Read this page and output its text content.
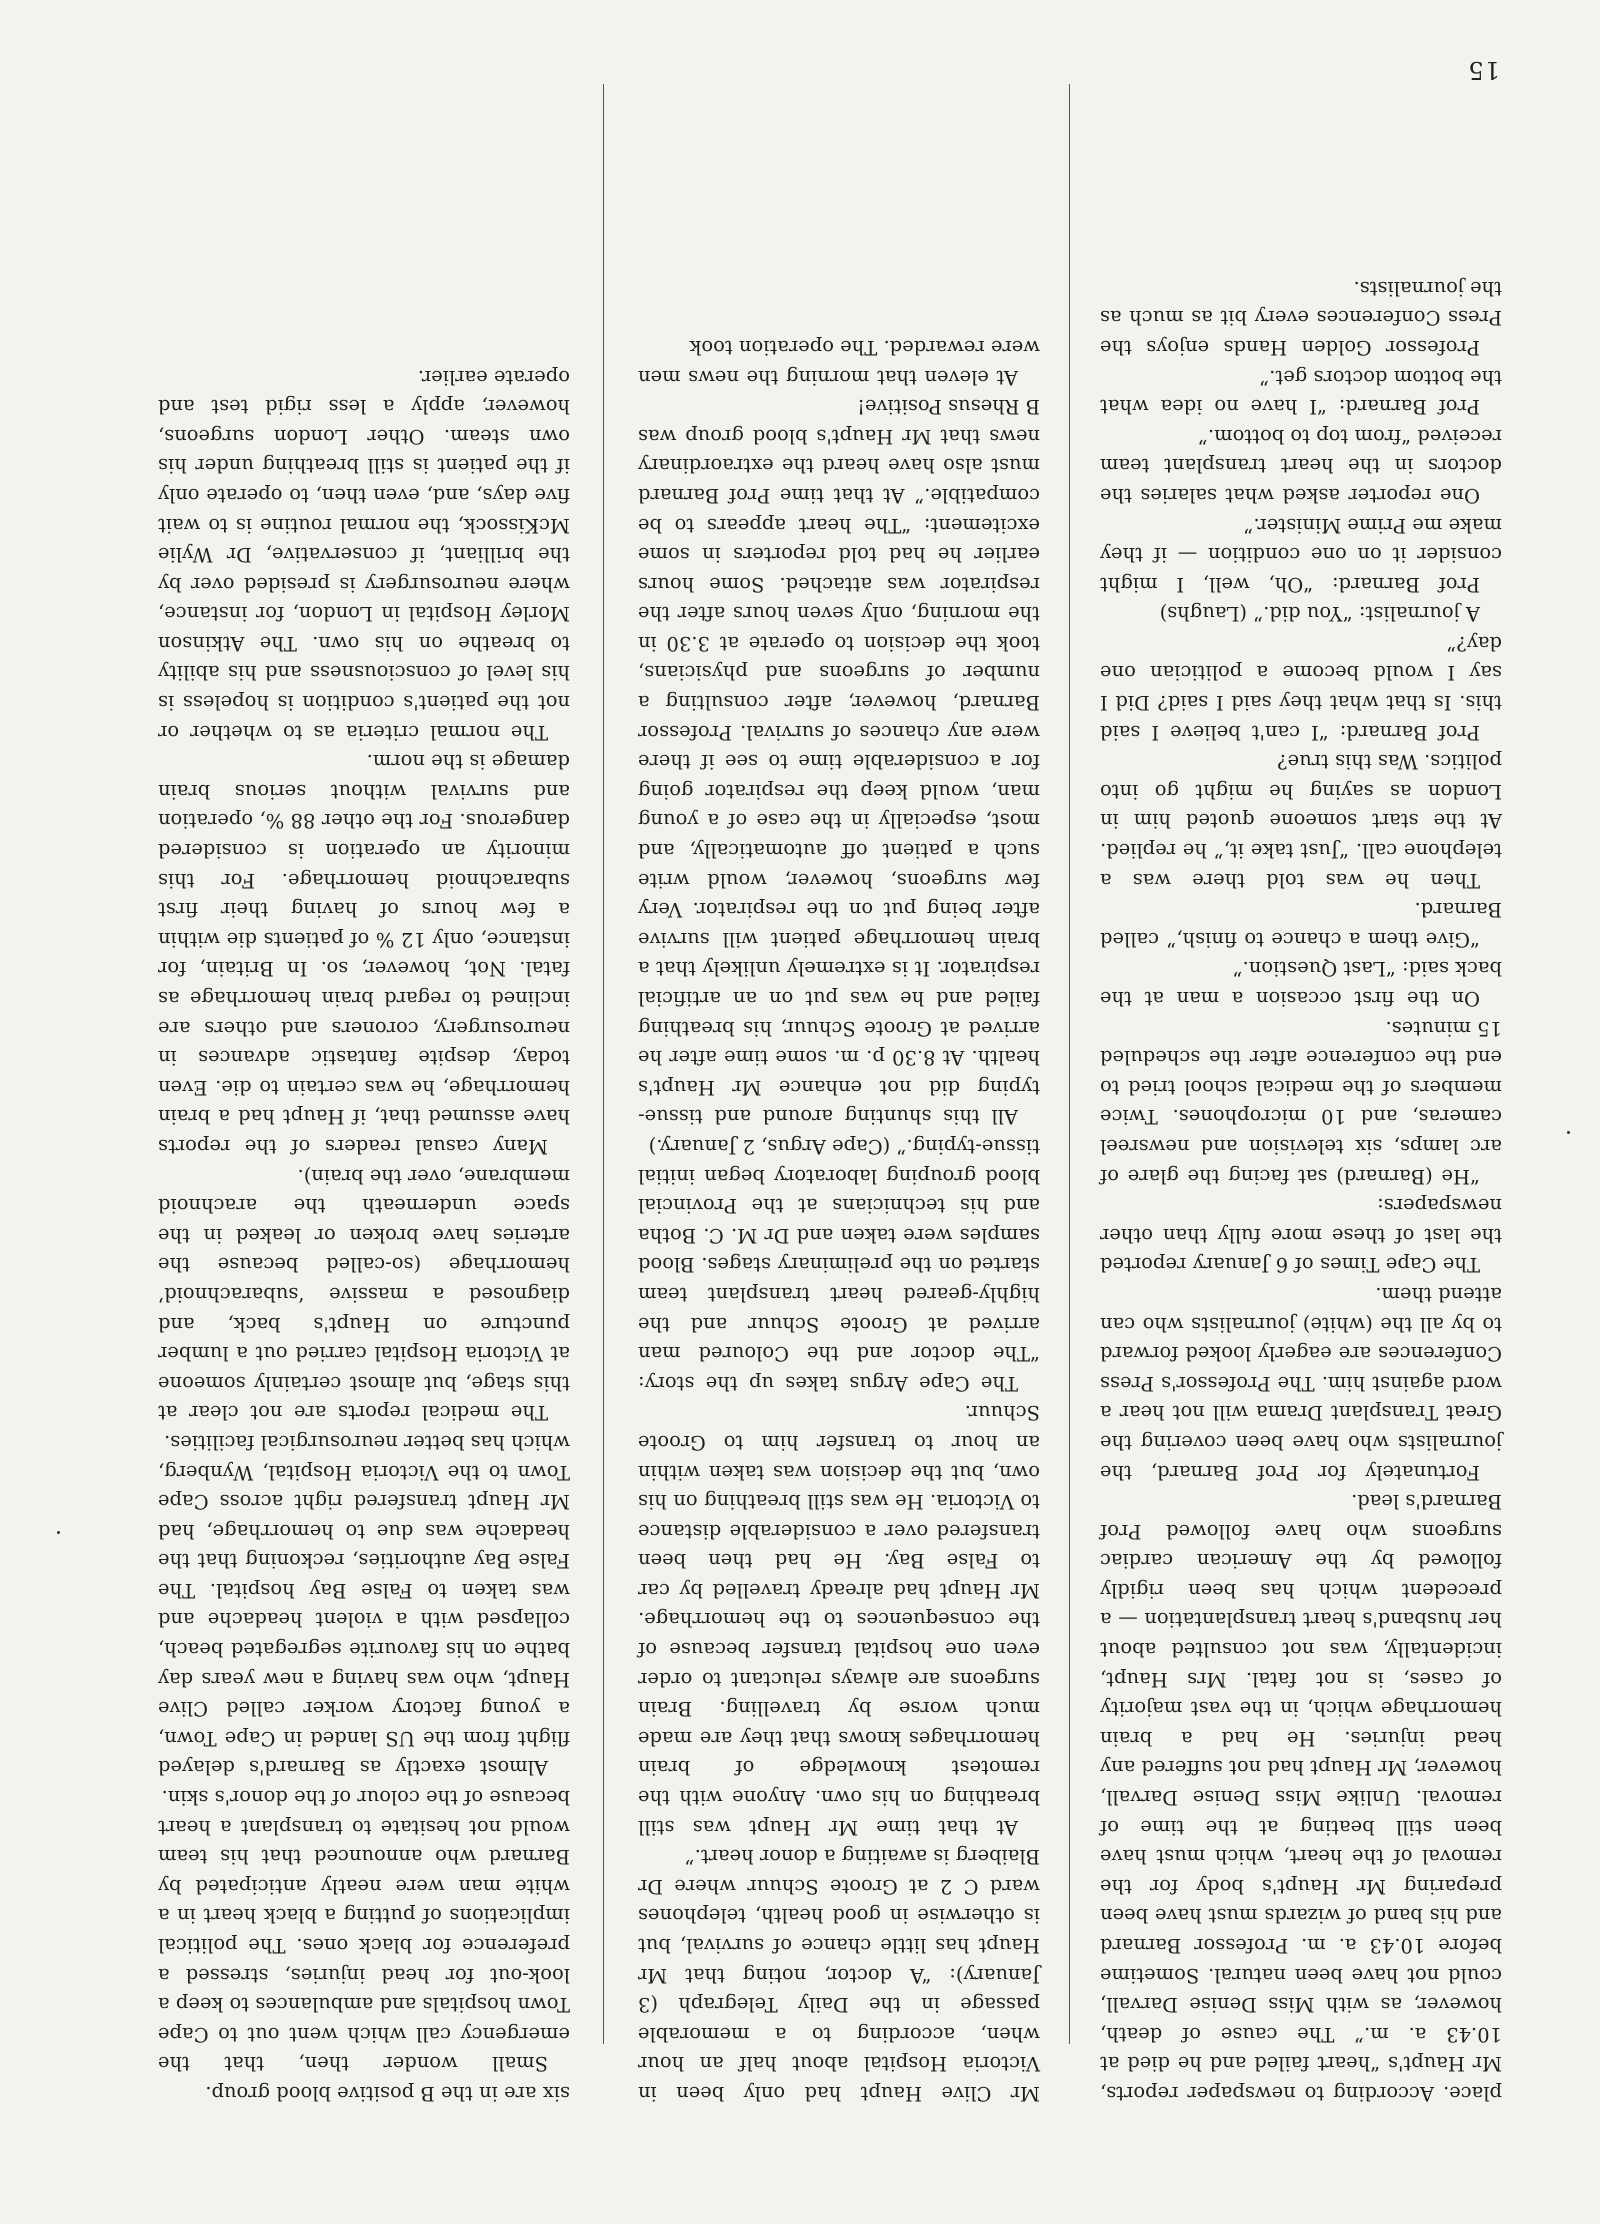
place. According to newspaper reports, Mr Haupt's “heart failed and he died at 10.43 a. m.” The cause of death, however, as with Miss Denise Darvall, could not have been natural. Sometime before 10.43 a. m. Professor Barnard and his band of wizards must have been preparing Mr Haupt's body for the removal of the heart, which must have been still beating at the time of removal. Unlike Miss Denise Darvall, however, Mr Haupt had not suffered any head injuries. He had a brain hemorrhage which, in the vast majority of cases, is not fatal. Mrs Haupt, incidentally, was not consulted about her husband's heart transplantation — a precedent which has been rigidly followed by the American cardiac surgeons who have followed Prof Barnard's lead.

Fortunately for Prof Barnard, the journalists who have been covering the Great Transplant Drama will not hear a word against him. The Professor's Press Conferences are eagerly looked forward to by all the (white) journalists who can attend them.

The Cape Times of 6 January reported the last of these more fully than other newspapers:

“He (Barnard) sat facing the glare of arc lamps, six television and newsreel cameras, and 10 microphones. Twice members of the medical school tried to end the conference after the scheduled 15 minutes.

On the first occasion a man at the back said: “Last Question.”

“Give them a chance to finish,” called Barnard.

Then he was told there was a telephone call. “Just take it,” he replied. At the start someone quoted him in London as saying he might go into politics. Was this true?

Prof Barnard: “I can't believe I said this. Is that what they said I said? Did I say I would become a politician one day?”

A journalist: “You did.” (Laughs)

Prof Barnard: “Oh, well, I might consider it on one condition — if they make me Prime Minister.”

One reporter asked what salaries the doctors in the heart transplant team received “from top to bottom.”

Prof Barnard: “I have no idea what the bottom doctors get.”

Professor Golden Hands enjoys the Press Conferences every bit as much as the journalists.

Mr Clive Haupt had only been in Victoria Hospital about half an hour when, according to a memorable passage in the Daily Telegraph (3 January): “A doctor, noting that Mr Haupt has little chance of survival, but is otherwise in good health, telephones ward C 2 at Groote Schuur where Dr Blaiberg is awaiting a donor heart.”

At that time Mr Haupt was still breathing on his own. Anyone with the remotest knowledge of brain hemorrhages knows that they are made much worse by travelling. Brain surgeons are always reluctant to order even one hospital transfer because of the consequences to the hemorrhage. Mr Haupt had already travelled by car to False Bay. He had then been transfered over a considerable distance to Victoria. He was still breathing on his own, but the decision was taken within an hour to transfer him to Groote Schuur.

The Cape Argus takes up the story: “The doctor and the Coloured man arrived at Groote Schuur and the highly-geared heart transplant team started on the preliminary stages. Blood samples were taken and Dr M. C. Botha and his technicians at the Provincial blood grouping laboratory began initial tissue-typing.” (Cape Argus, 2 January.)

All this shunting around and tissue-typing did not enhance Mr Haupt's health. At 8.30 p. m. some time after he arrived at Groote Schuur, his breathing failed and he was put on an artificial respirator. It is extremely unlikely that a brain hemorrhage patient will survive after being put on the respirator. Very few surgeons, however, would write such a patient off automatically, and most, especially in the case of a young man, would keep the respirator going for a considerable time to see if there were any chances of survival. Professor Barnard, however, after consulting a number of surgeons and physicians, took the decision to operate at 3.30 in the morning, only seven hours after the respirator was attached. Some hours earlier he had told reporters in some excitement: “The heart appears to be compatible.” At that time Prof Barnard must also have heard the extraordinary news that Mr Haupt's blood group was B Rhesus Positive!

At eleven that morning the news men were rewarded. The operation took

six are in the B positive blood group.

Small wonder then, that the emergency call which went out to Cape Town hospitals and ambulances to keep a look-out for head injuries, stressed a preference for black ones. The political implications of putting a black heart in a white man were neatly anticipated by Barnard who announced that his team would not hesitate to transplant a heart because of the colour of the donor's skin.

Almost exactly as Barnard's delayed flight from the US landed in Cape Town, a young factory worker called Clive Haupt, who was having a new years day bathe on his favourite segregated beach, collapsed with a violent headache and was taken to False Bay hospital. The False Bay authorities, reckoning that the headache was due to hemorrhage, had Mr Haupt transfered right across Cape Town to the Victoria Hospital, Wynberg, which has better neurosurgical facilities.

The medical reports are not clear at this stage, but almost certainly someone at Victoria Hospital carried out a lumber puncture on Haupt's back, and diagnosed a massive ‘subarachnoid’ hemorrhage (so-called because the arteries have broken or leaked in the space underneath the arachnoid membrane, over the brain).

Many casual readers of the reports have assumed that, if Haupt had a brain hemorrhage, he was certain to die. Even today, despite fantastic advances in neurosurgery, coroners and others are inclined to regard brain hemorrhage as fatal. Not, however, so. In Britain, for instance, only 12 % of patients die within a few hours of having their first subarachnoid hemorrhage. For this minority an operation is considered dangerous. For the other 88 %, operation and survival without serious brain damage is the norm.

The normal criteria as to whether or not the patient's condition is hopeless is his level of consciousness and his ability to breathe on his own. The Atkinson Morley Hospital in London, for instance, where neurosurgery is presided over by the brilliant, if conservative, Dr Wylie McKissock, the normal routine is to wait five days, and, even then, to operate only if the patient is still breathing under his own steam. Other London surgeons, however, apply a less rigid test and operate earlier.

15
